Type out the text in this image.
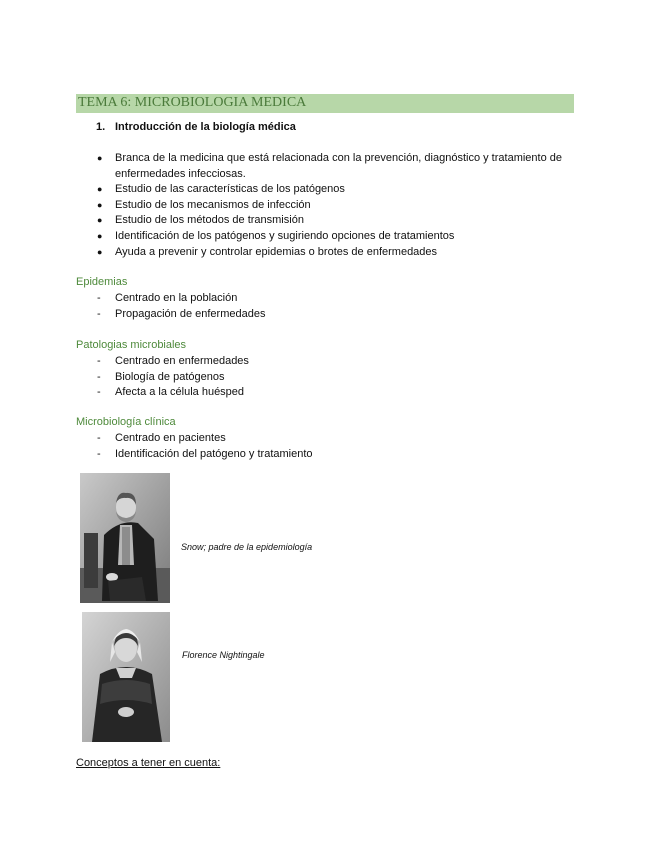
TEMA 6: MICROBIOLOGIA MEDICA
1. Introducción de la biología médica
● Branca de la medicina que está relacionada con la prevención, diagnóstico y tratamiento de enfermedades infecciosas.
● Estudio de las características de los patógenos
● Estudio de los mecanismos de infección
● Estudio de los métodos de transmisión
● Identificación de los patógenos y sugiriendo opciones de tratamientos
● Ayuda a prevenir y controlar epidemias o brotes de enfermedades
Epidemias
- Centrado en la población
- Propagación de enfermedades
Patologias microbiales
- Centrado en enfermedades
- Biología de patógenos
- Afecta a la célula huésped
Microbiología clínica
- Centrado en pacientes
- Identificación del patógeno y tratamiento
Snow; padre de la epidemiología
Florence Nightingale
Conceptos a tener en cuenta:
